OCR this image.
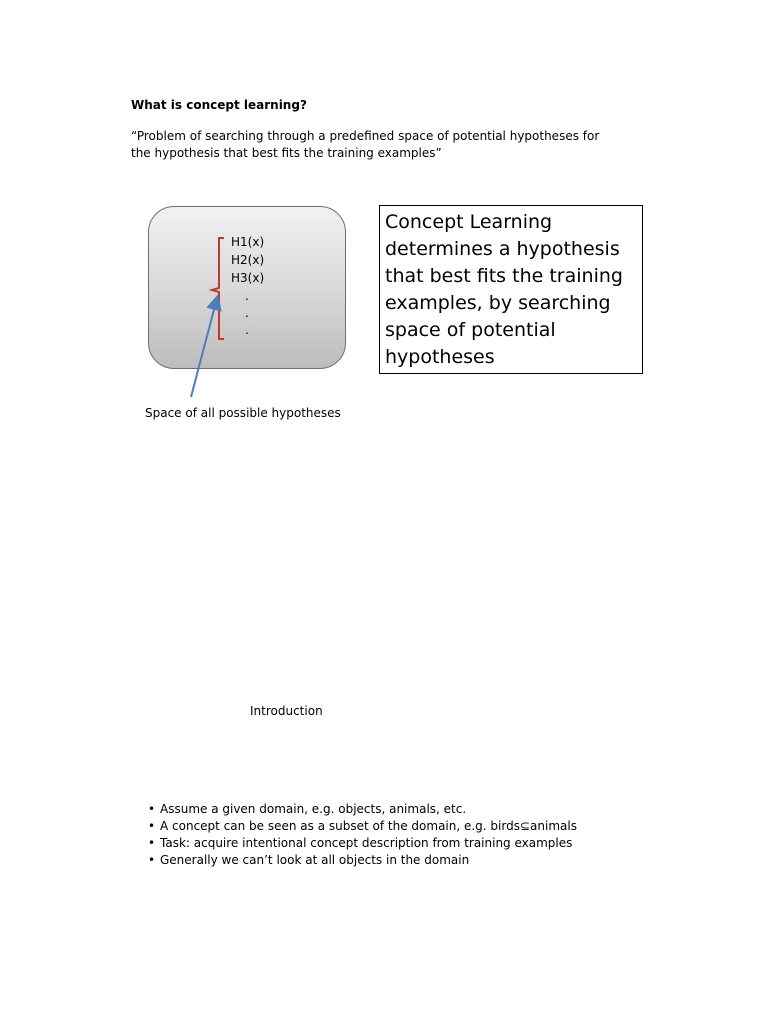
What is concept learning?
“Problem of searching through a predefined space of potential hypotheses for
the hypothesis that best fits the training examples”
H1(x)
H2(x)
H3(x)
.
.
.
Space of all possible hypotheses
Concept Learning
determines a hypothesis
that best fits the training
examples, by searching
space of potential
hypotheses
Introduction
• Assume a given domain, e.g. objects, animals, etc.
• A concept can be seen as a subset of the domain, e.g. birds⊆animals
• Task: acquire intentional concept description from training examples
• Generally we can’t look at all objects in the domain
